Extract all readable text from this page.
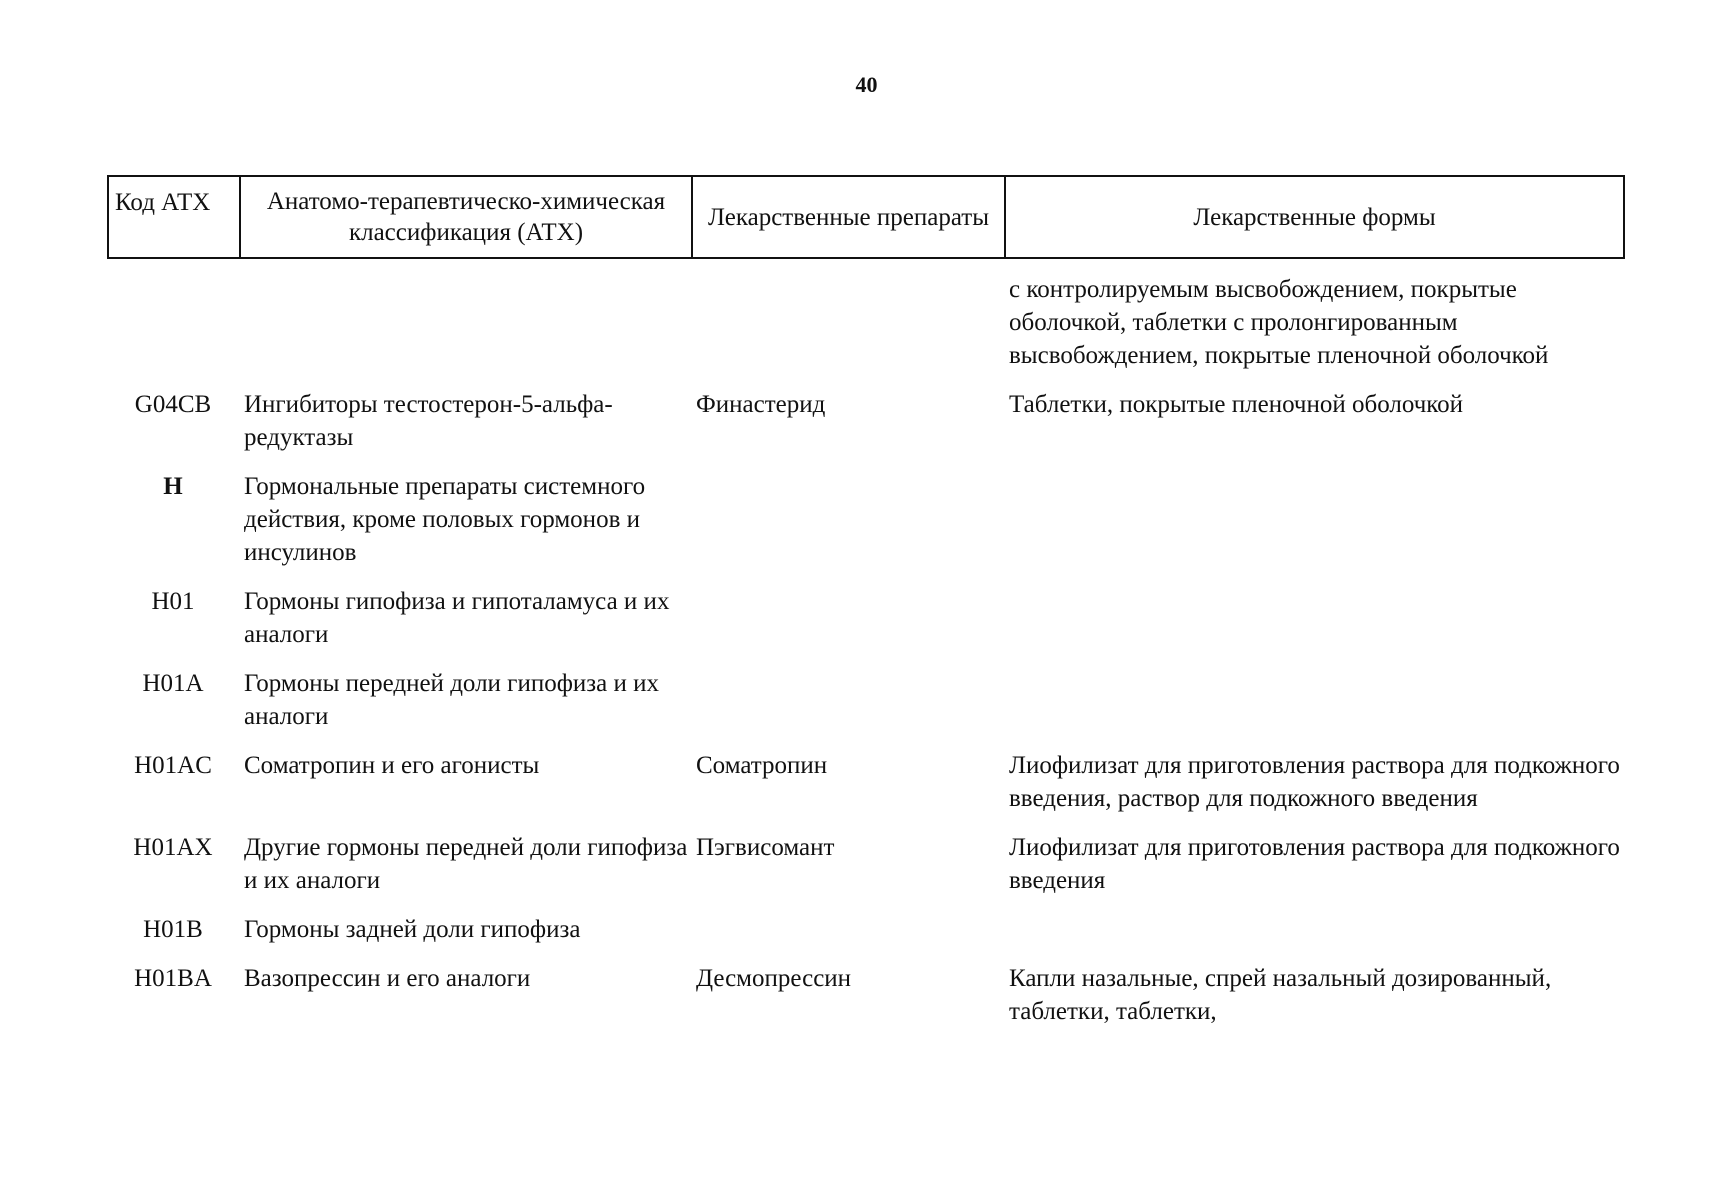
40
Код АТХ	Анатомо-терапевтическо-химическая классификация (АТХ)	Лекарственные препараты	Лекарственные формы
			с контролируемым высвобождением, покрытые оболочкой, таблетки с пролонгированным высвобождением, покрытые пленочной оболочкой
G04CB	Ингибиторы тестостерон-5-альфа-редуктазы	Финастерид	Таблетки, покрытые пленочной оболочкой
H	Гормональные препараты системного действия, кроме половых гормонов и инсулинов		
H01	Гормоны гипофиза и гипоталамуса и их аналоги		
H01A	Гормоны передней доли гипофиза и их аналоги		
H01AC	Соматропин и его агонисты	Соматропин	Лиофилизат для приготовления раствора для подкожного введения, раствор для подкожного введения
H01AX	Другие гормоны передней доли гипофиза и их аналоги	Пэгвисомант	Лиофилизат для приготовления раствора для подкожного введения
H01B	Гормоны задней доли гипофиза		
H01BA	Вазопрессин и его аналоги	Десмопрессин	Капли назальные, спрей назальный дозированный, таблетки, таблетки,
